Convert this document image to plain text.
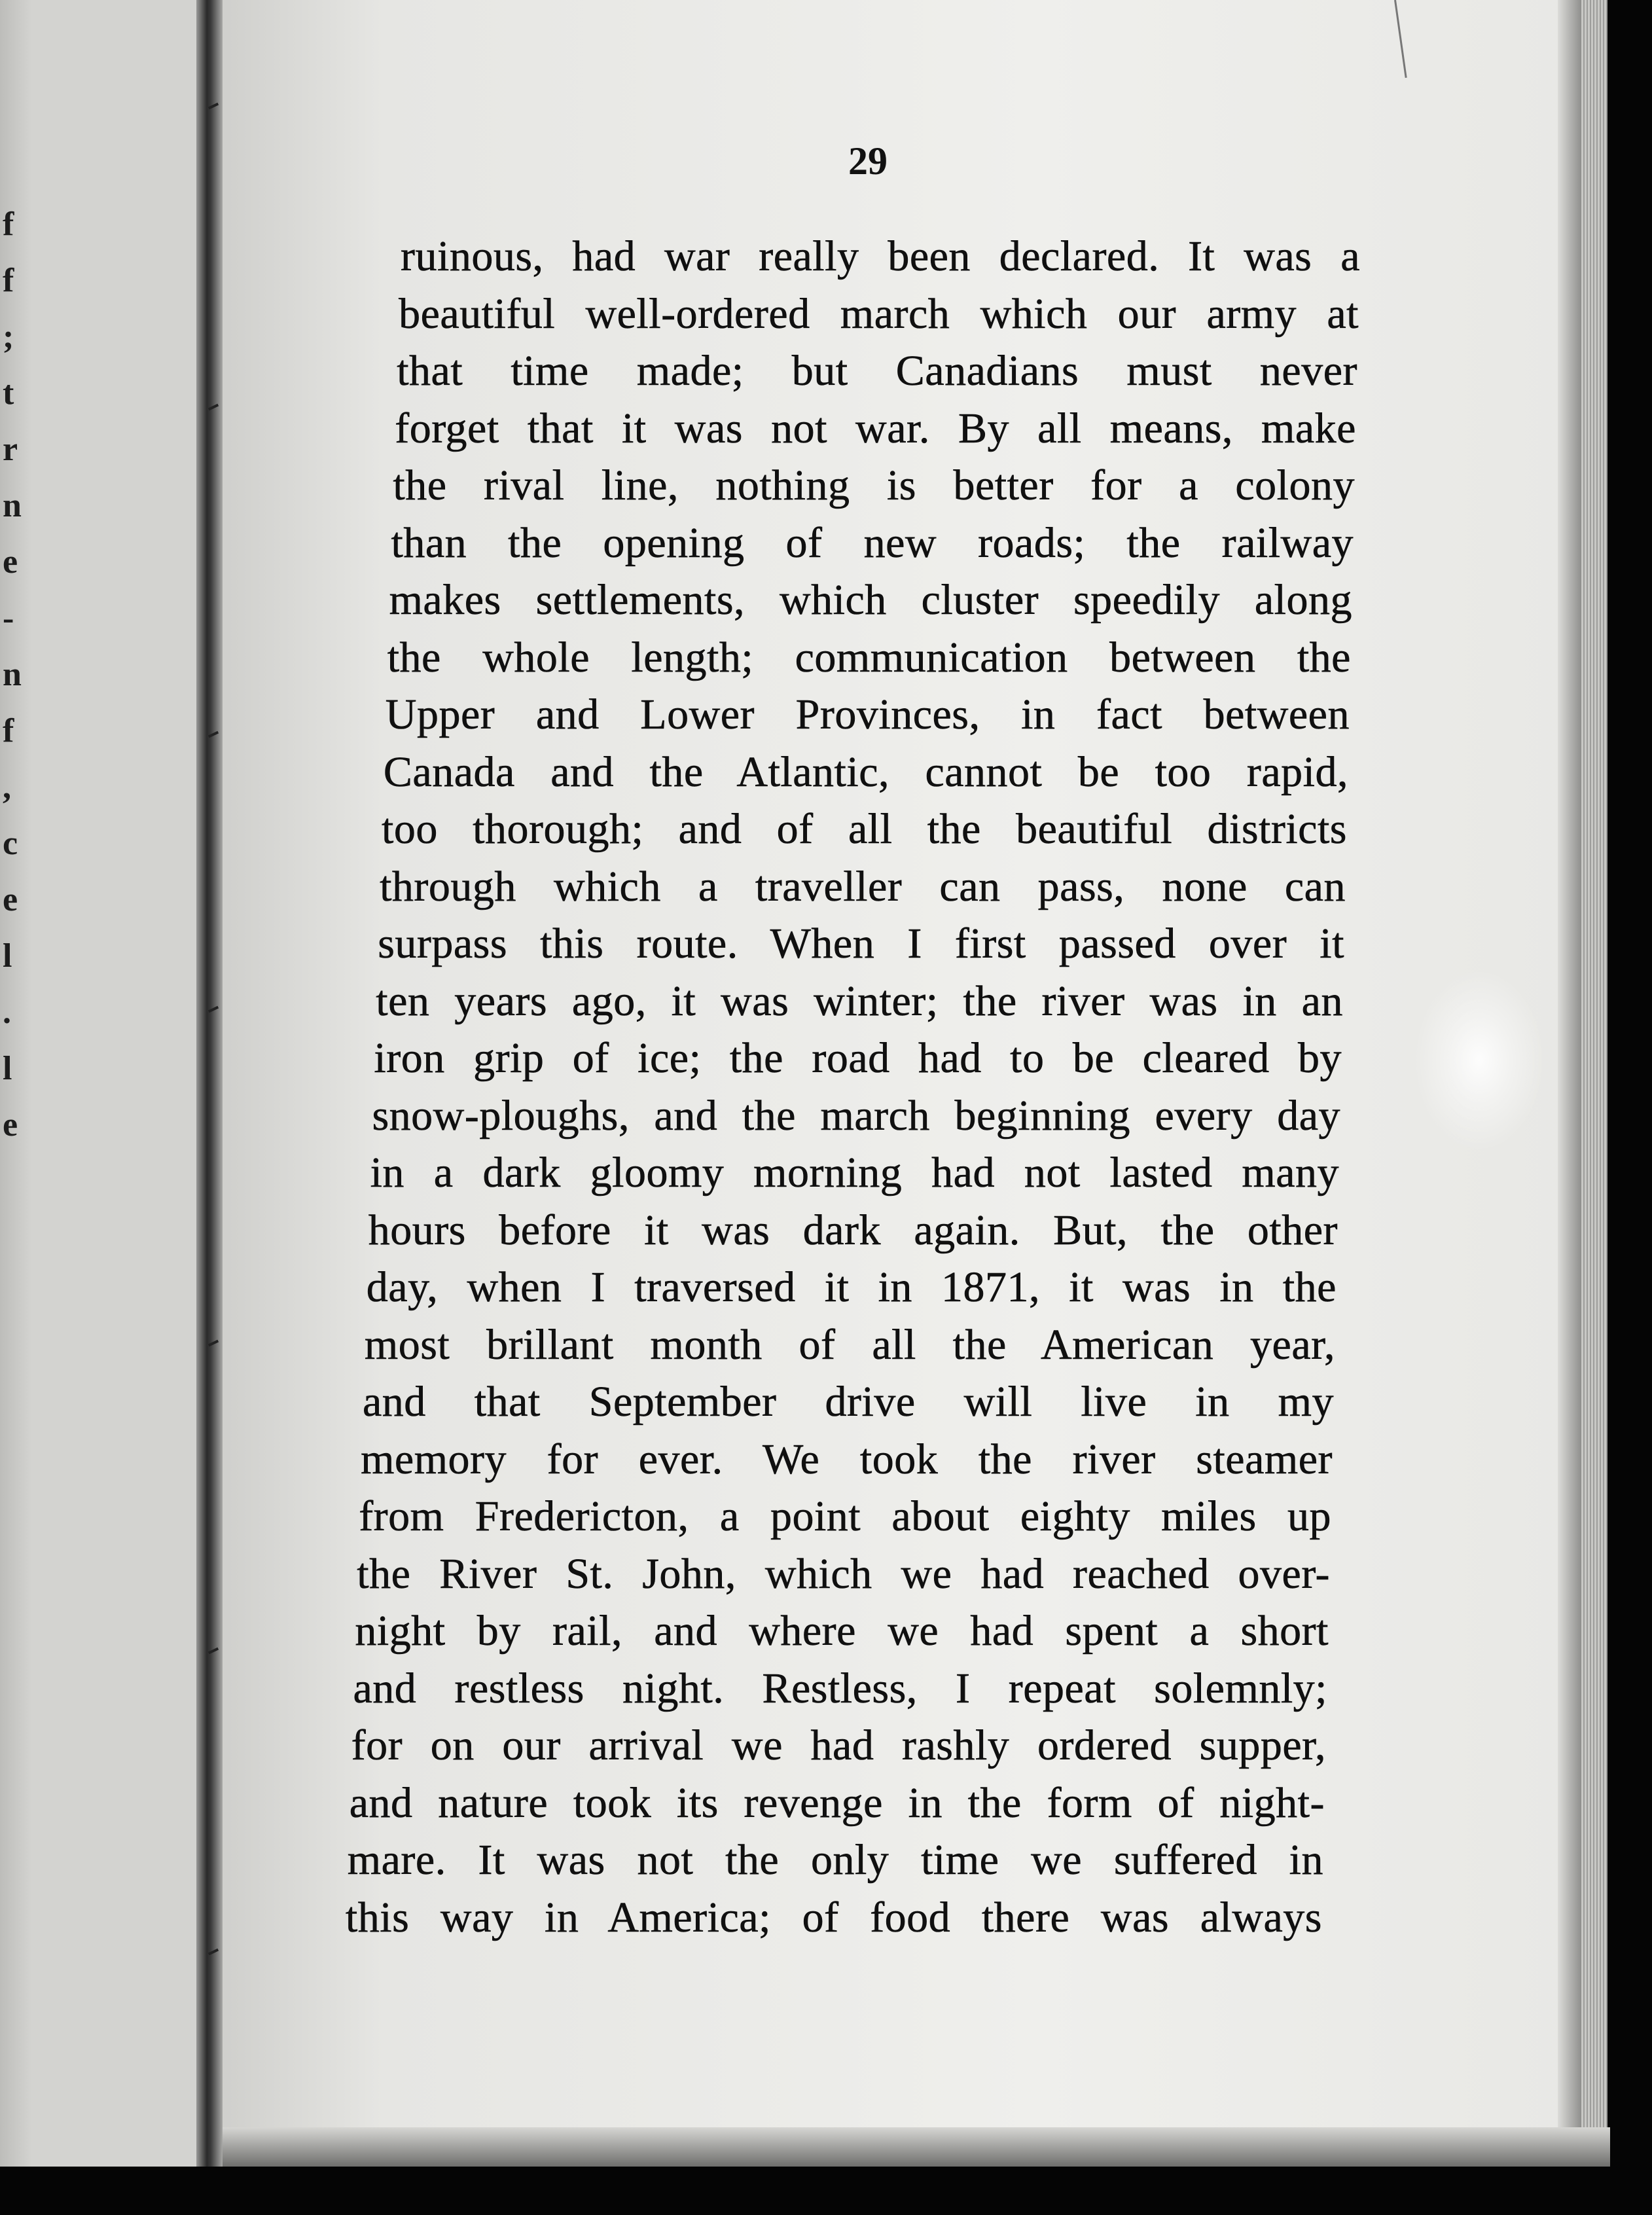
f
f
;
t
r
n
e
-
n
f
,
c
e
l
.
l
e
29
ruinous, had war really been declared. It was a
beautiful well-ordered march which our army at
that time made; but Canadians must never
forget that it was not war. By all means, make
the rival line, nothing is better for a colony
than the opening of new roads; the railway
makes settlements, which cluster speedily along
the whole length; communication between the
Upper and Lower Provinces, in fact between
Canada and the Atlantic, cannot be too rapid,
too thorough; and of all the beautiful districts
through which a traveller can pass, none can
surpass this route. When I first passed over it
ten years ago, it was winter; the river was in an
iron grip of ice; the road had to be cleared by
snow-ploughs, and the march beginning every day
in a dark gloomy morning had not lasted many
hours before it was dark again. But, the other
day, when I traversed it in 1871, it was in the
most brillant month of all the American year,
and that September drive will live in my
memory for ever. We took the river steamer
from Fredericton, a point about eighty miles up
the River St. John, which we had reached over-
night by rail, and where we had spent a short
and restless night. Restless, I repeat solemnly;
for on our arrival we had rashly ordered supper,
and nature took its revenge in the form of night-
mare. It was not the only time we suffered in
this way in America; of food there was always
